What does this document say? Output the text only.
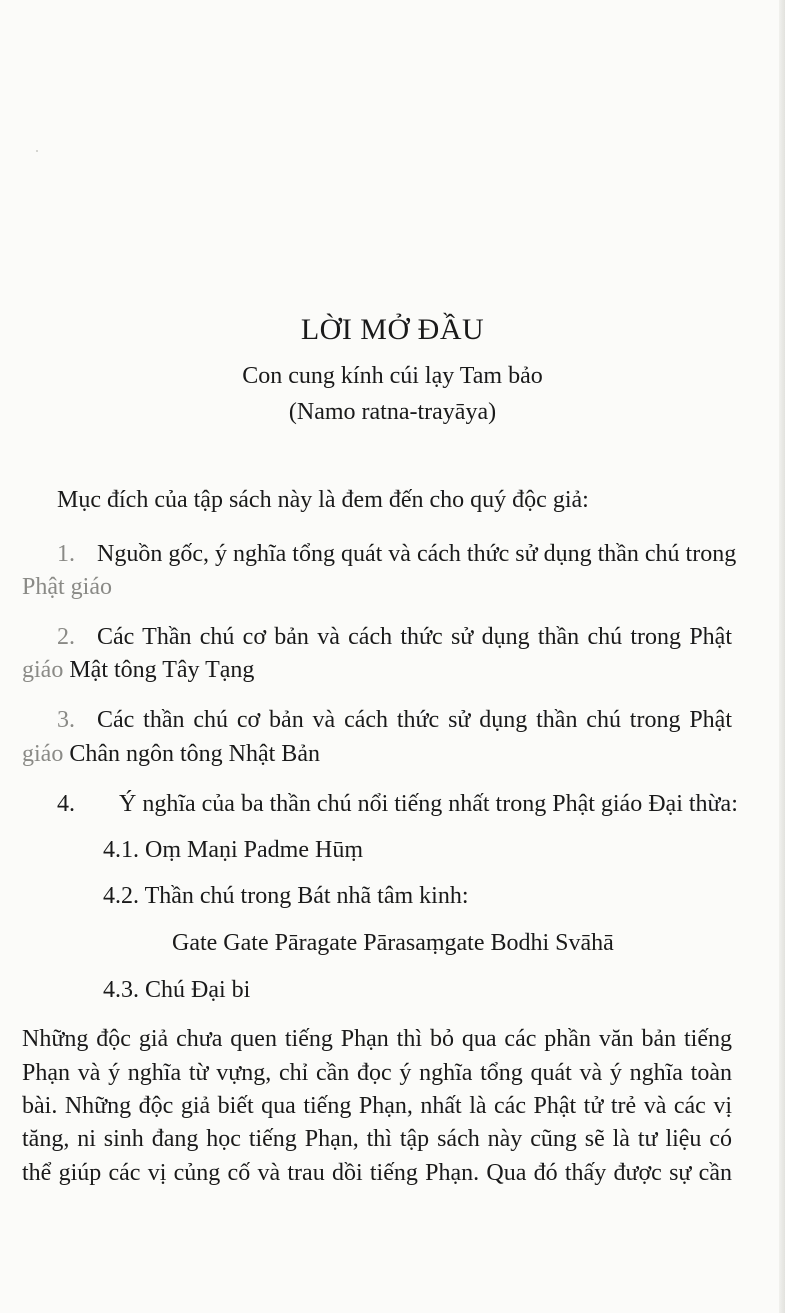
LỜI MỞ ĐẦU
Con cung kính cúi lạy Tam bảo
(Namo ratna-trayāya)
Mục đích của tập sách này là đem đến cho quý độc giả:
1. Nguồn gốc, ý nghĩa tổng quát và cách thức sử dụng thần chú trong
Phật giáo
2. Các Thần chú cơ bản và cách thức sử dụng thần chú trong Phật
giáo Mật tông Tây Tạng
3. Các thần chú cơ bản và cách thức sử dụng thần chú trong Phật
giáo Chân ngôn tông Nhật Bản
4. Ý nghĩa của ba thần chú nổi tiếng nhất trong Phật giáo Đại thừa:
4.1. Oṃ Maṇi Padme Hūṃ
4.2. Thần chú trong Bát nhã tâm kinh:
Gate Gate Pāragate Pārasaṃgate Bodhi Svāhā
4.3. Chú Đại bi
Những độc giả chưa quen tiếng Phạn thì bỏ qua các phần văn bản tiếng
Phạn và ý nghĩa từ vựng, chỉ cần đọc ý nghĩa tổng quát và ý nghĩa toàn
bài. Những độc giả biết qua tiếng Phạn, nhất là các Phật tử trẻ và các vị
tăng, ni sinh đang học tiếng Phạn, thì tập sách này cũng sẽ là tư liệu có
thể giúp các vị củng cố và trau dồi tiếng Phạn. Qua đó thấy được sự cần
